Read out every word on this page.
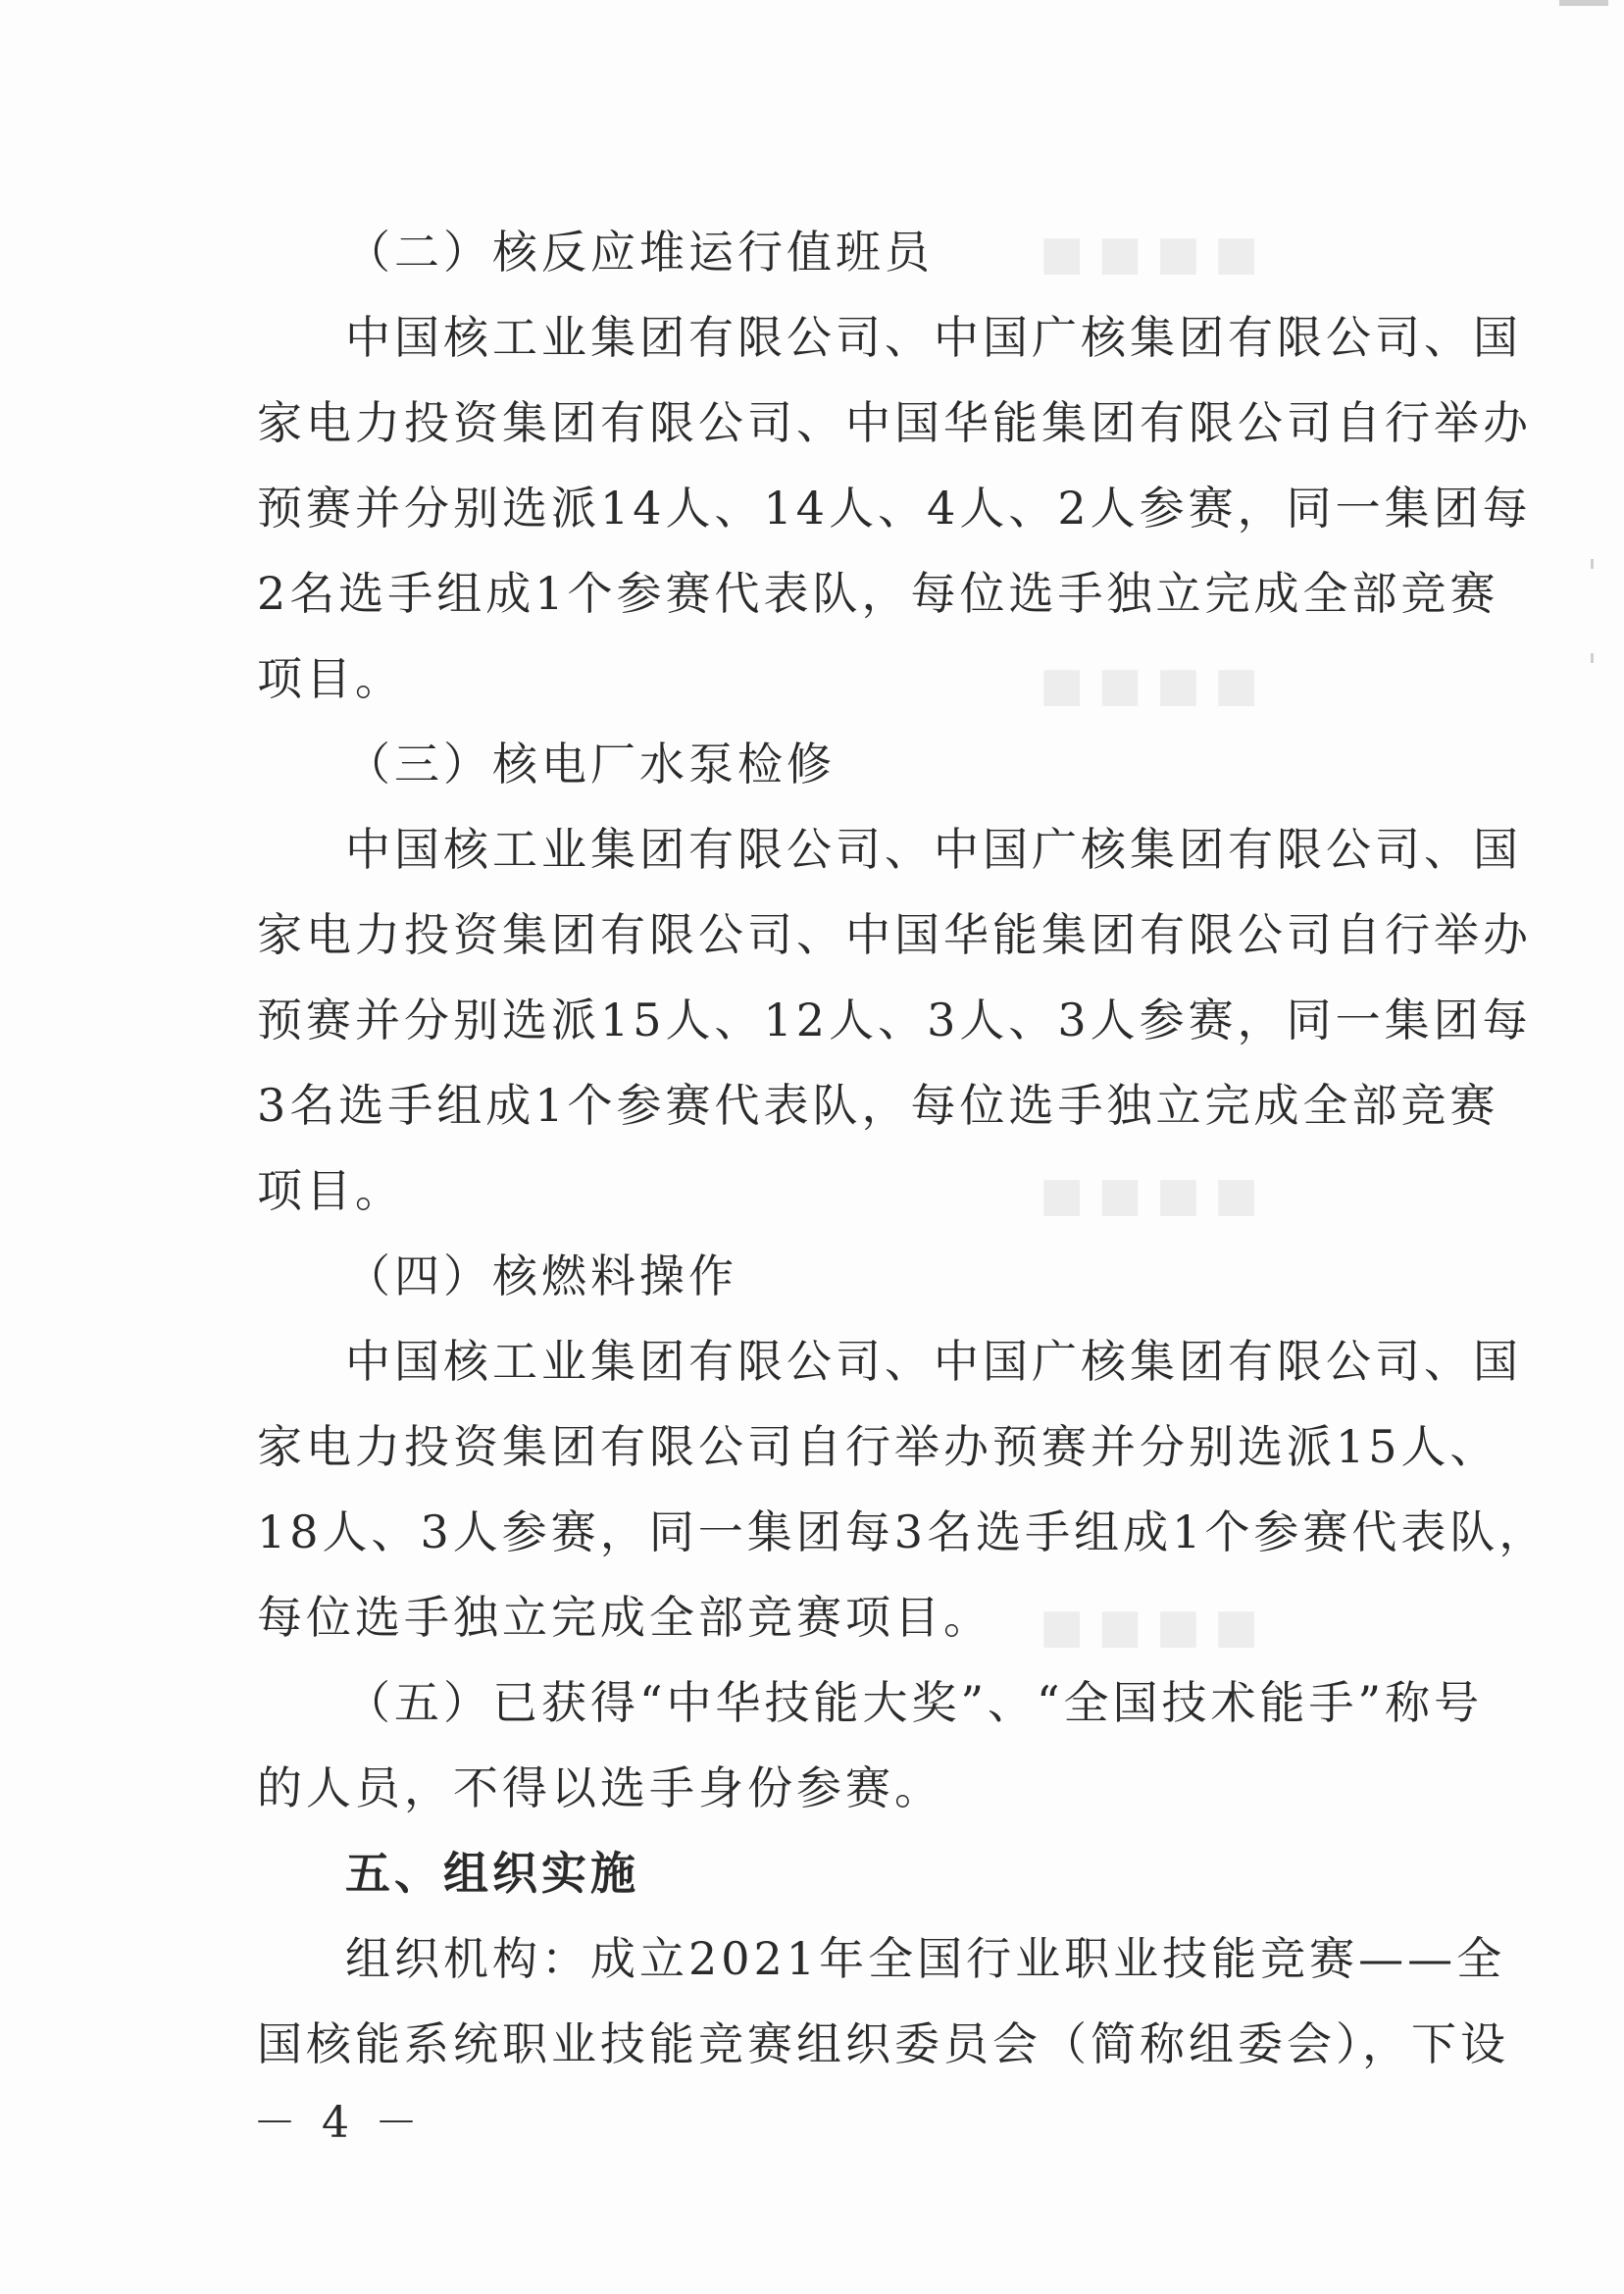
■■■■
■■■■
■■■■
■■■■
（二）核反应堆运行值班员
中国核工业集团有限公司、中国广核集团有限公司、国
家电力投资集团有限公司、中国华能集团有限公司自行举办
预赛并分别选派14人、14人、4人、2人参赛，同一集团每
2名选手组成1个参赛代表队，每位选手独立完成全部竞赛
项目。
（三）核电厂水泵检修
中国核工业集团有限公司、中国广核集团有限公司、国
家电力投资集团有限公司、中国华能集团有限公司自行举办
预赛并分别选派15人、12人、3人、3人参赛，同一集团每
3名选手组成1个参赛代表队，每位选手独立完成全部竞赛
项目。
（四）核燃料操作
中国核工业集团有限公司、中国广核集团有限公司、国
家电力投资集团有限公司自行举办预赛并分别选派15人、
18人、3人参赛，同一集团每3名选手组成1个参赛代表队，
每位选手独立完成全部竞赛项目。
（五）已获得“中华技能大奖”、“全国技术能手”称号
的人员，不得以选手身份参赛。
五、组织实施
组织机构：成立2021年全国行业职业技能竞赛——全
国核能系统职业技能竞赛组织委员会（简称组委会），下设
－ 4 －
